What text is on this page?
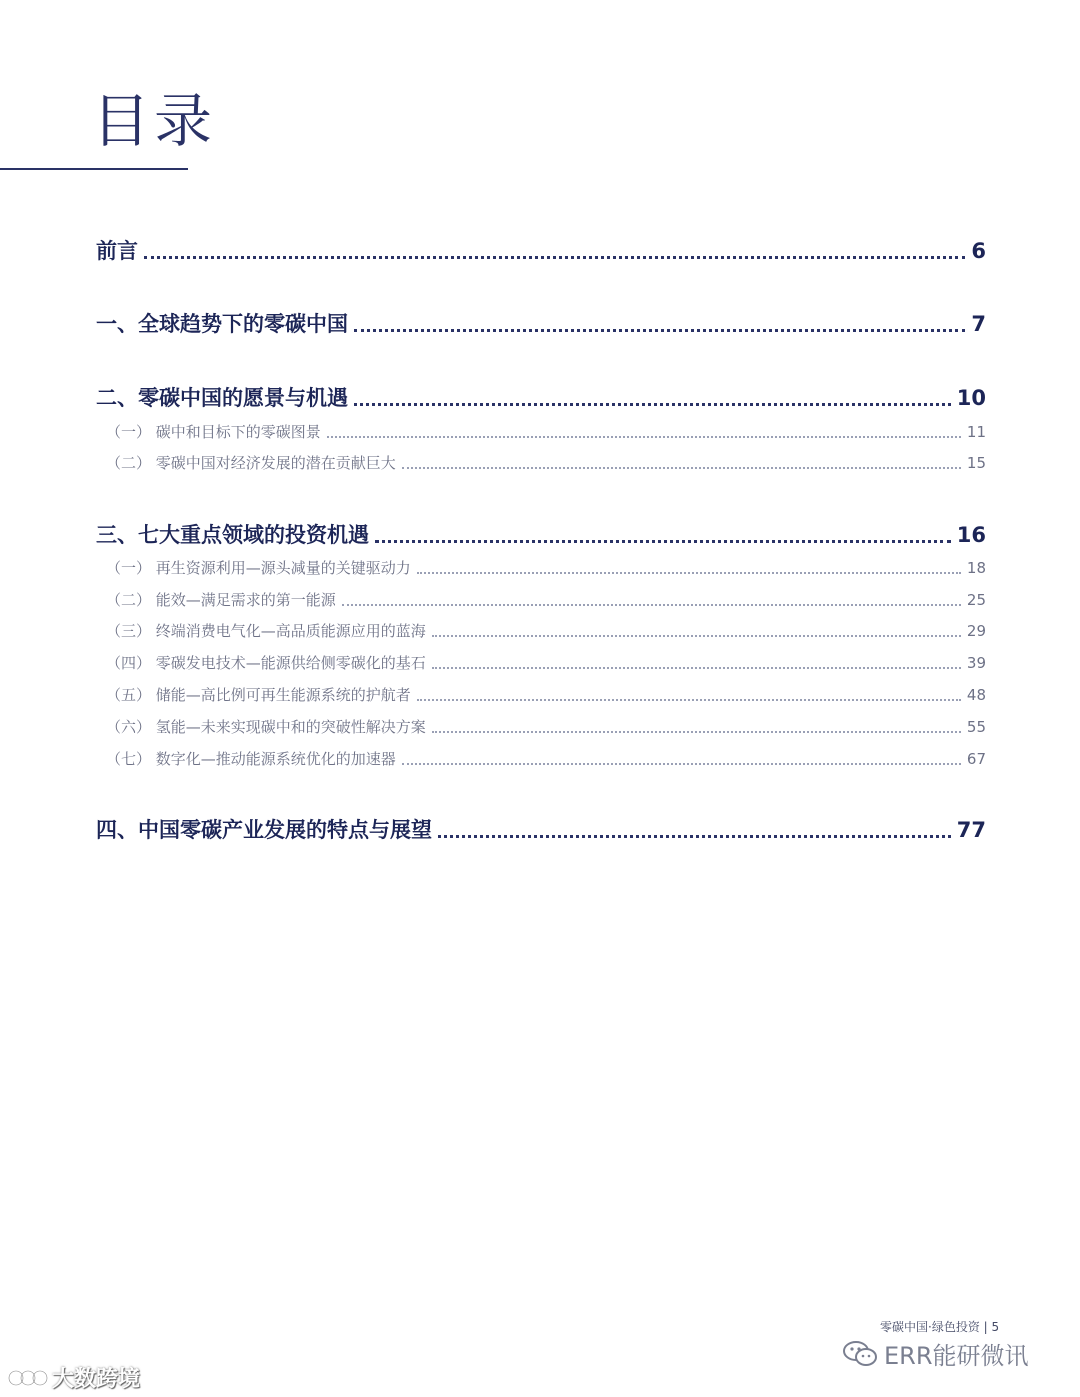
目录
前言	6
一、全球趋势下的零碳中国	7
二、零碳中国的愿景与机遇	10
（一） 碳中和目标下的零碳图景	11
（二） 零碳中国对经济发展的潜在贡献巨大	15
三、七大重点领域的投资机遇	16
（一） 再生资源利用—源头减量的关键驱动力	18
（二） 能效—满足需求的第一能源	25
（三） 终端消费电气化—高品质能源应用的蓝海	29
（四） 零碳发电技术—能源供给侧零碳化的基石	39
（五） 储能—高比例可再生能源系统的护航者	48
（六） 氢能—未来实现碳中和的突破性解决方案	55
（七） 数字化—推动能源系统优化的加速器	67
四、中国零碳产业发展的特点与展望	77
零碳中国·绿色投资 | 5
ERR能研微讯
大数跨境
